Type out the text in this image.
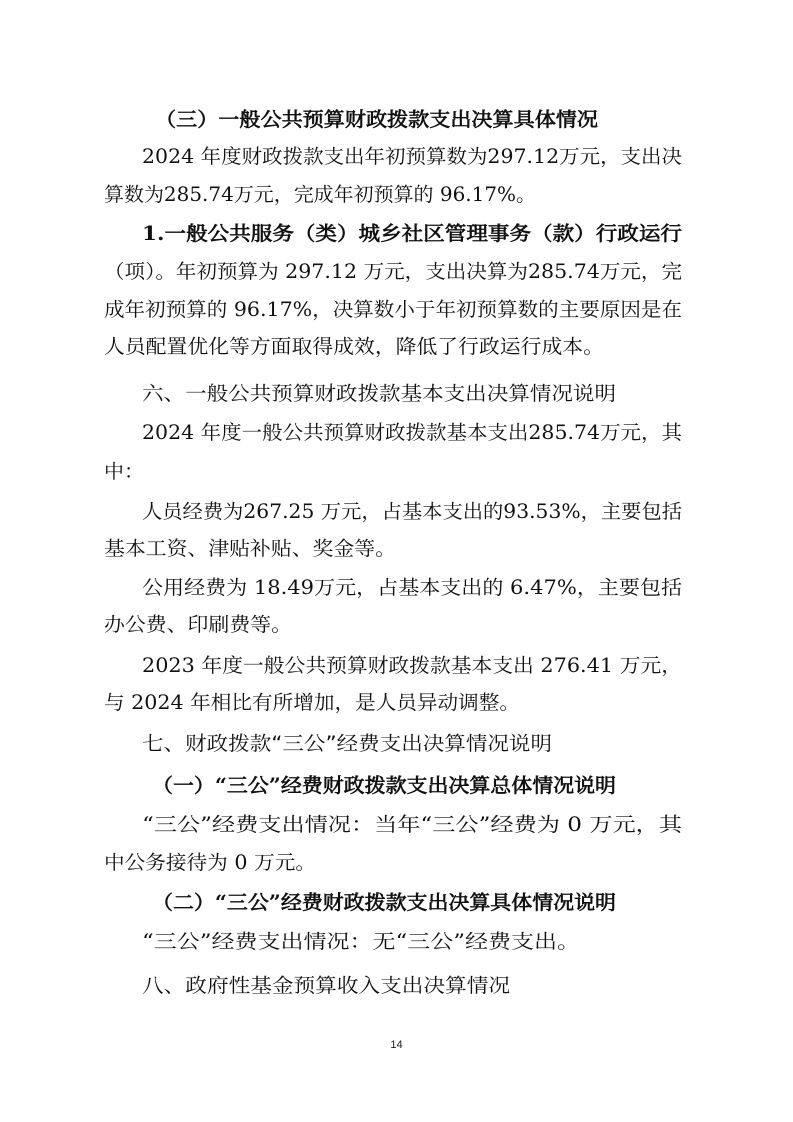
（三）一般公共预算财政拨款支出决算具体情况

2024 年度财政拨款支出年初预算数为297.12万元，支出决

算数为285.74万元，完成年初预算的 96.17%。

1.一般公共服务（类）城乡社区管理事务（款）行政运行

（项）。年初预算为 297.12 万元，支出决算为285.74万元，完

成年初预算的 96.17%，决算数小于年初预算数的主要原因是在

人员配置优化等方面取得成效，降低了行政运行成本。

六、一般公共预算财政拨款基本支出决算情况说明

2024 年度一般公共预算财政拨款基本支出285.74万元，其

中：

人员经费为267.25 万元，占基本支出的93.53%，主要包括

基本工资、津贴补贴、奖金等。

公用经费为 18.49万元，占基本支出的 6.47%，主要包括

办公费、印刷费等。

2023 年度一般公共预算财政拨款基本支出 276.41 万元，

与 2024 年相比有所增加，是人员异动调整。

七、财政拨款“三公”经费支出决算情况说明

（一）“三公”经费财政拨款支出决算总体情况说明

“三公”经费支出情况：当年“三公”经费为 0 万元，其

中公务接待为 0 万元。

（二）“三公”经费财政拨款支出决算具体情况说明

“三公”经费支出情况：无“三公”经费支出。

八、政府性基金预算收入支出决算情况

14
